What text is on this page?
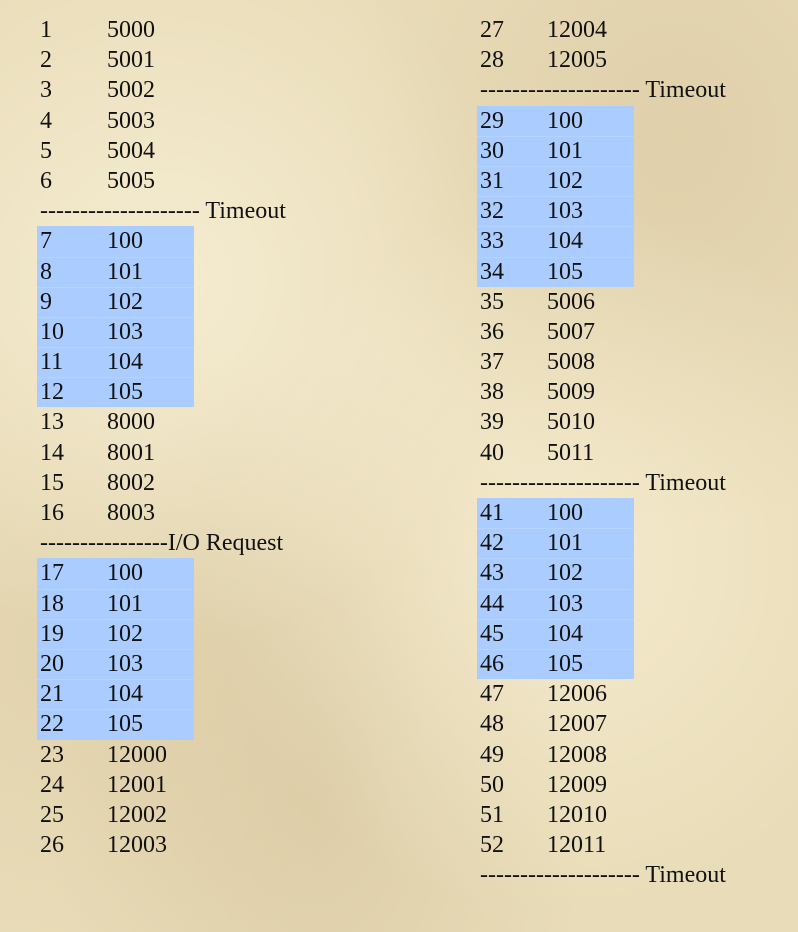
1 5000
2 5001
3 5002
4 5003
5 5004
6 5005
-------------------- Timeout
7 100
8 101
9 102
10 103
11 104
12 105
13 8000
14 8001
15 8002
16 8003
----------------I/O Request
17 100
18 101
19 102
20 103
21 104
22 105
23 12000
24 12001
25 12002
26 12003
27 12004
28 12005
-------------------- Timeout
29 100
30 101
31 102
32 103
33 104
34 105
35 5006
36 5007
37 5008
38 5009
39 5010
40 5011
-------------------- Timeout
41 100
42 101
43 102
44 103
45 104
46 105
47 12006
48 12007
49 12008
50 12009
51 12010
52 12011
-------------------- Timeout
